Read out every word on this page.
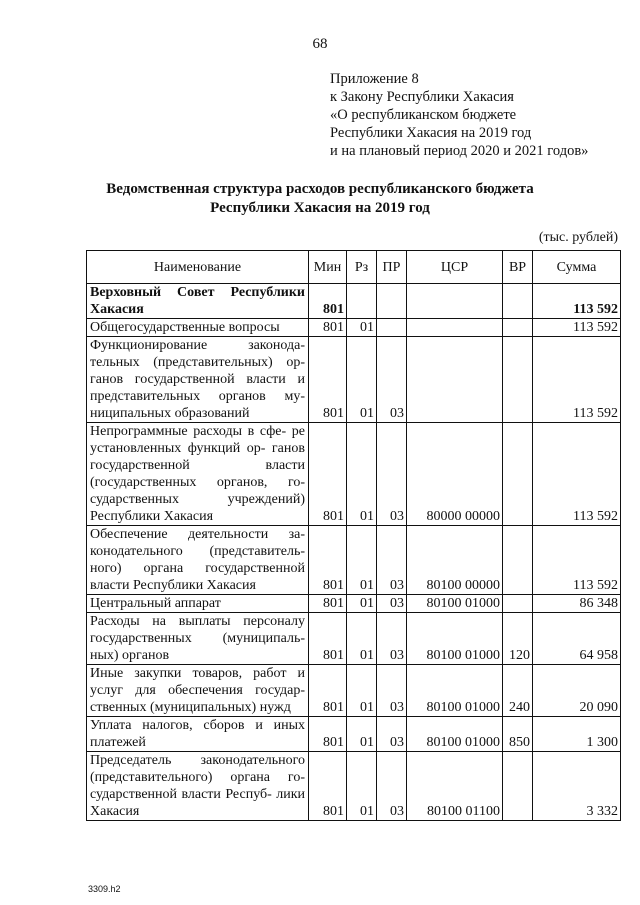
68
Приложение 8
к Закону Республики Хакасия
«О республиканском бюджете
Республики Хакасия на 2019 год
и на плановый период 2020 и 2021 годов»
Ведомственная структура расходов республиканского бюджета
Республики Хакасия на 2019 год
(тыс. рублей)
Наименование	Мин	Рз	ПР	ЦСР	ВР	Сумма
Верховный Совет Республики Хакасия	801					113 592
Общегосударственные вопросы	801	01				113 592
Функционирование законода- тельных (представительных) ор- ганов государственной власти и представительных органов му- ниципальных образований	801	01	03			113 592
Непрограммные расходы в сфе- ре установленных функций ор- ганов государственной власти (государственных органов, го- сударственных учреждений) Республики Хакасия	801	01	03	80000 00000		113 592
Обеспечение деятельности за- конодательного (представитель- ного) органа государственной власти Республики Хакасия	801	01	03	80100 00000		113 592
Центральный аппарат	801	01	03	80100 01000		86 348
Расходы на выплаты персоналу государственных (муниципаль- ных) органов	801	01	03	80100 01000	120	64 958
Иные закупки товаров, работ и услуг для обеспечения государ- ственных (муниципальных) нужд	801	01	03	80100 01000	240	20 090
Уплата налогов, сборов и иных платежей	801	01	03	80100 01000	850	1 300
Председатель законодательного (представительного) органа го- сударственной власти Респуб- лики Хакасия	801	01	03	80100 01100		3 332
3309.h2
